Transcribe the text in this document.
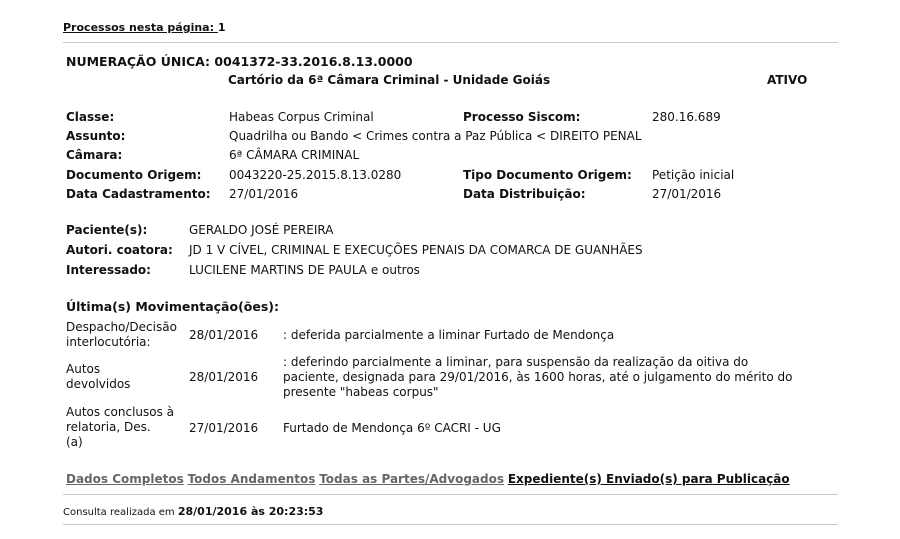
Processos nesta página: 1
NUMERAÇÃO ÚNICA: 0041372-33.2016.8.13.0000
Cartório da 6ª Câmara Criminal - Unidade Goiás	ATIVO
Classe:	Habeas Corpus Criminal	Processo Siscom:	280.16.689
Assunto:	Quadrilha ou Bando < Crimes contra a Paz Pública < DIREITO PENAL
Câmara:	6ª CÂMARA CRIMINAL
Documento Origem: 0043220-25.2015.8.13.0280	Tipo Documento Origem: Petição inicial
Data Cadastramento: 27/01/2016	Data Distribuição:	27/01/2016
Paciente(s):	GERALDO JOSÉ PEREIRA
Autori. coatora: JD 1 V CÍVEL, CRIMINAL E EXECUÇÕES PENAIS DA COMARCA DE GUANHÃES
Interessado:	LUCILENE MARTINS DE PAULA e outros
Última(s) Movimentação(ões):
Despacho/Decisão
interlocutória:	28/01/2016 : deferida parcialmente a liminar Furtado de Mendonça
Autos
devolvidos	28/01/2016
: deferindo parcialmente a liminar, para suspensão da realização da oitiva do
paciente, designada para 29/01/2016, às 1600 horas, até o julgamento do mérito do
presente "habeas corpus"
Autos conclusos à
relatoria, Des.
(a)
27/01/2016 Furtado de Mendonça 6º CACRI - UG
Dados Completos Todos Andamentos Todas as Partes/Advogados Expediente(s) Enviado(s) para Publicação
Consulta realizada em 28/01/2016 às 20:23:53
